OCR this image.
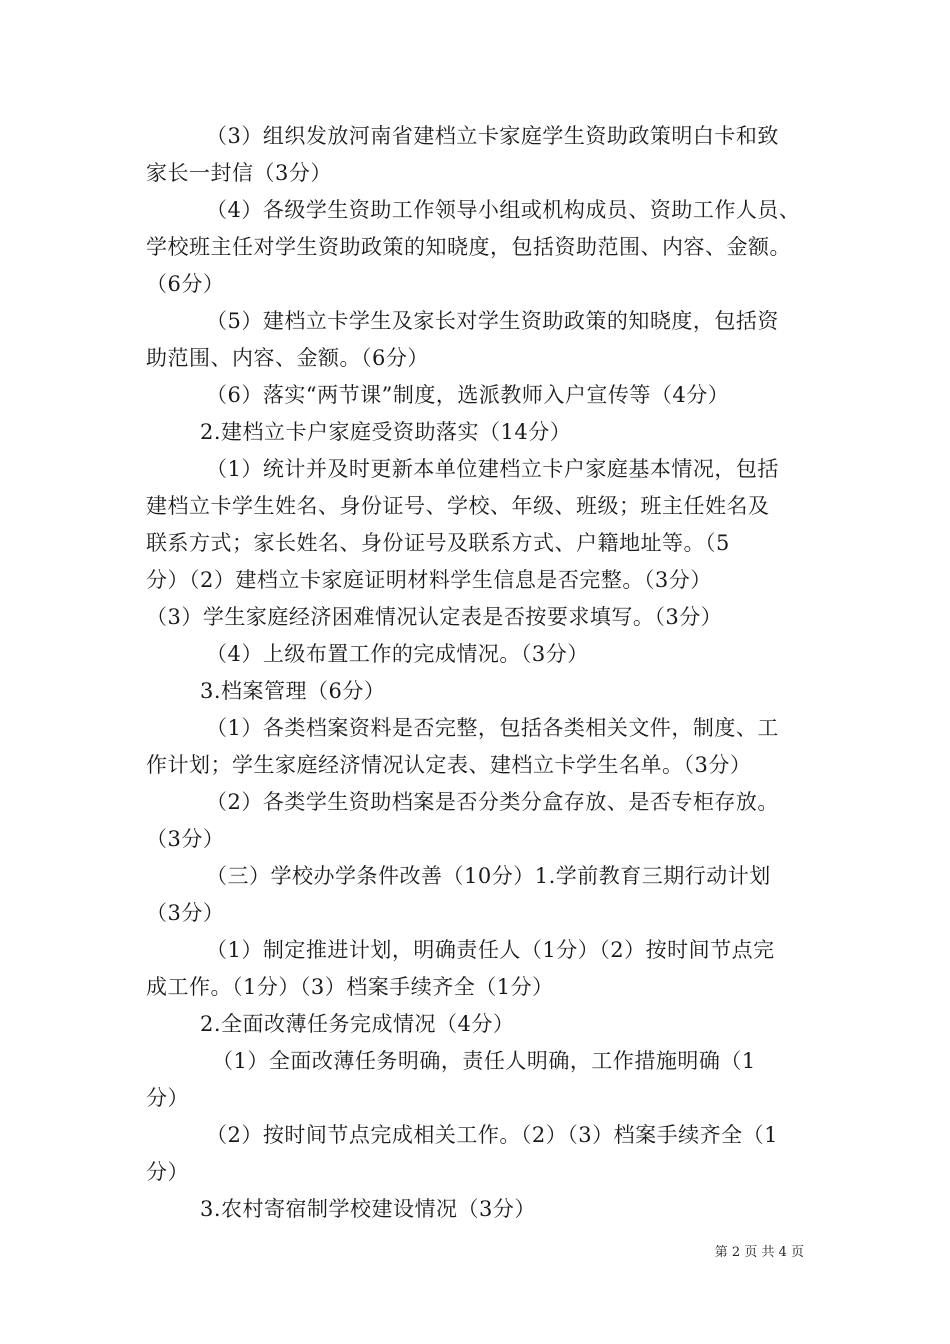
（3）组织发放河南省建档立卡家庭学生资助政策明白卡和致
家长一封信（3分）
（4）各级学生资助工作领导小组或机构成员、资助工作人员、
学校班主任对学生资助政策的知晓度，包括资助范围、内容、金额。
（6分）
（5）建档立卡学生及家长对学生资助政策的知晓度，包括资
助范围、内容、金额。（6分）
（6）落实“两节课”制度，选派教师入户宣传等（4分）
2.建档立卡户家庭受资助落实（14分）
（1）统计并及时更新本单位建档立卡户家庭基本情况，包括
建档立卡学生姓名、身份证号、学校、年级、班级；班主任姓名及
联系方式；家长姓名、身份证号及联系方式、户籍地址等。（5
分）（2）建档立卡家庭证明材料学生信息是否完整。（3分）
（3）学生家庭经济困难情况认定表是否按要求填写。（3分）
（4）上级布置工作的完成情况。（3分）
3.档案管理（6分）
（1）各类档案资料是否完整，包括各类相关文件，制度、工
作计划；学生家庭经济情况认定表、建档立卡学生名单。（3分）
（2）各类学生资助档案是否分类分盒存放、是否专柜存放。
（3分）
（三）学校办学条件改善（10分）1.学前教育三期行动计划
（3分）
（1）制定推进计划，明确责任人（1分）（2）按时间节点完
成工作。（1分）（3）档案手续齐全（1分）
2.全面改薄任务完成情况（4分）
（1）全面改薄任务明确，责任人明确，工作措施明确（1
分）
（2）按时间节点完成相关工作。（2）（3）档案手续齐全（1
分）
3.农村寄宿制学校建设情况（3分）
第 2 页 共 4 页
